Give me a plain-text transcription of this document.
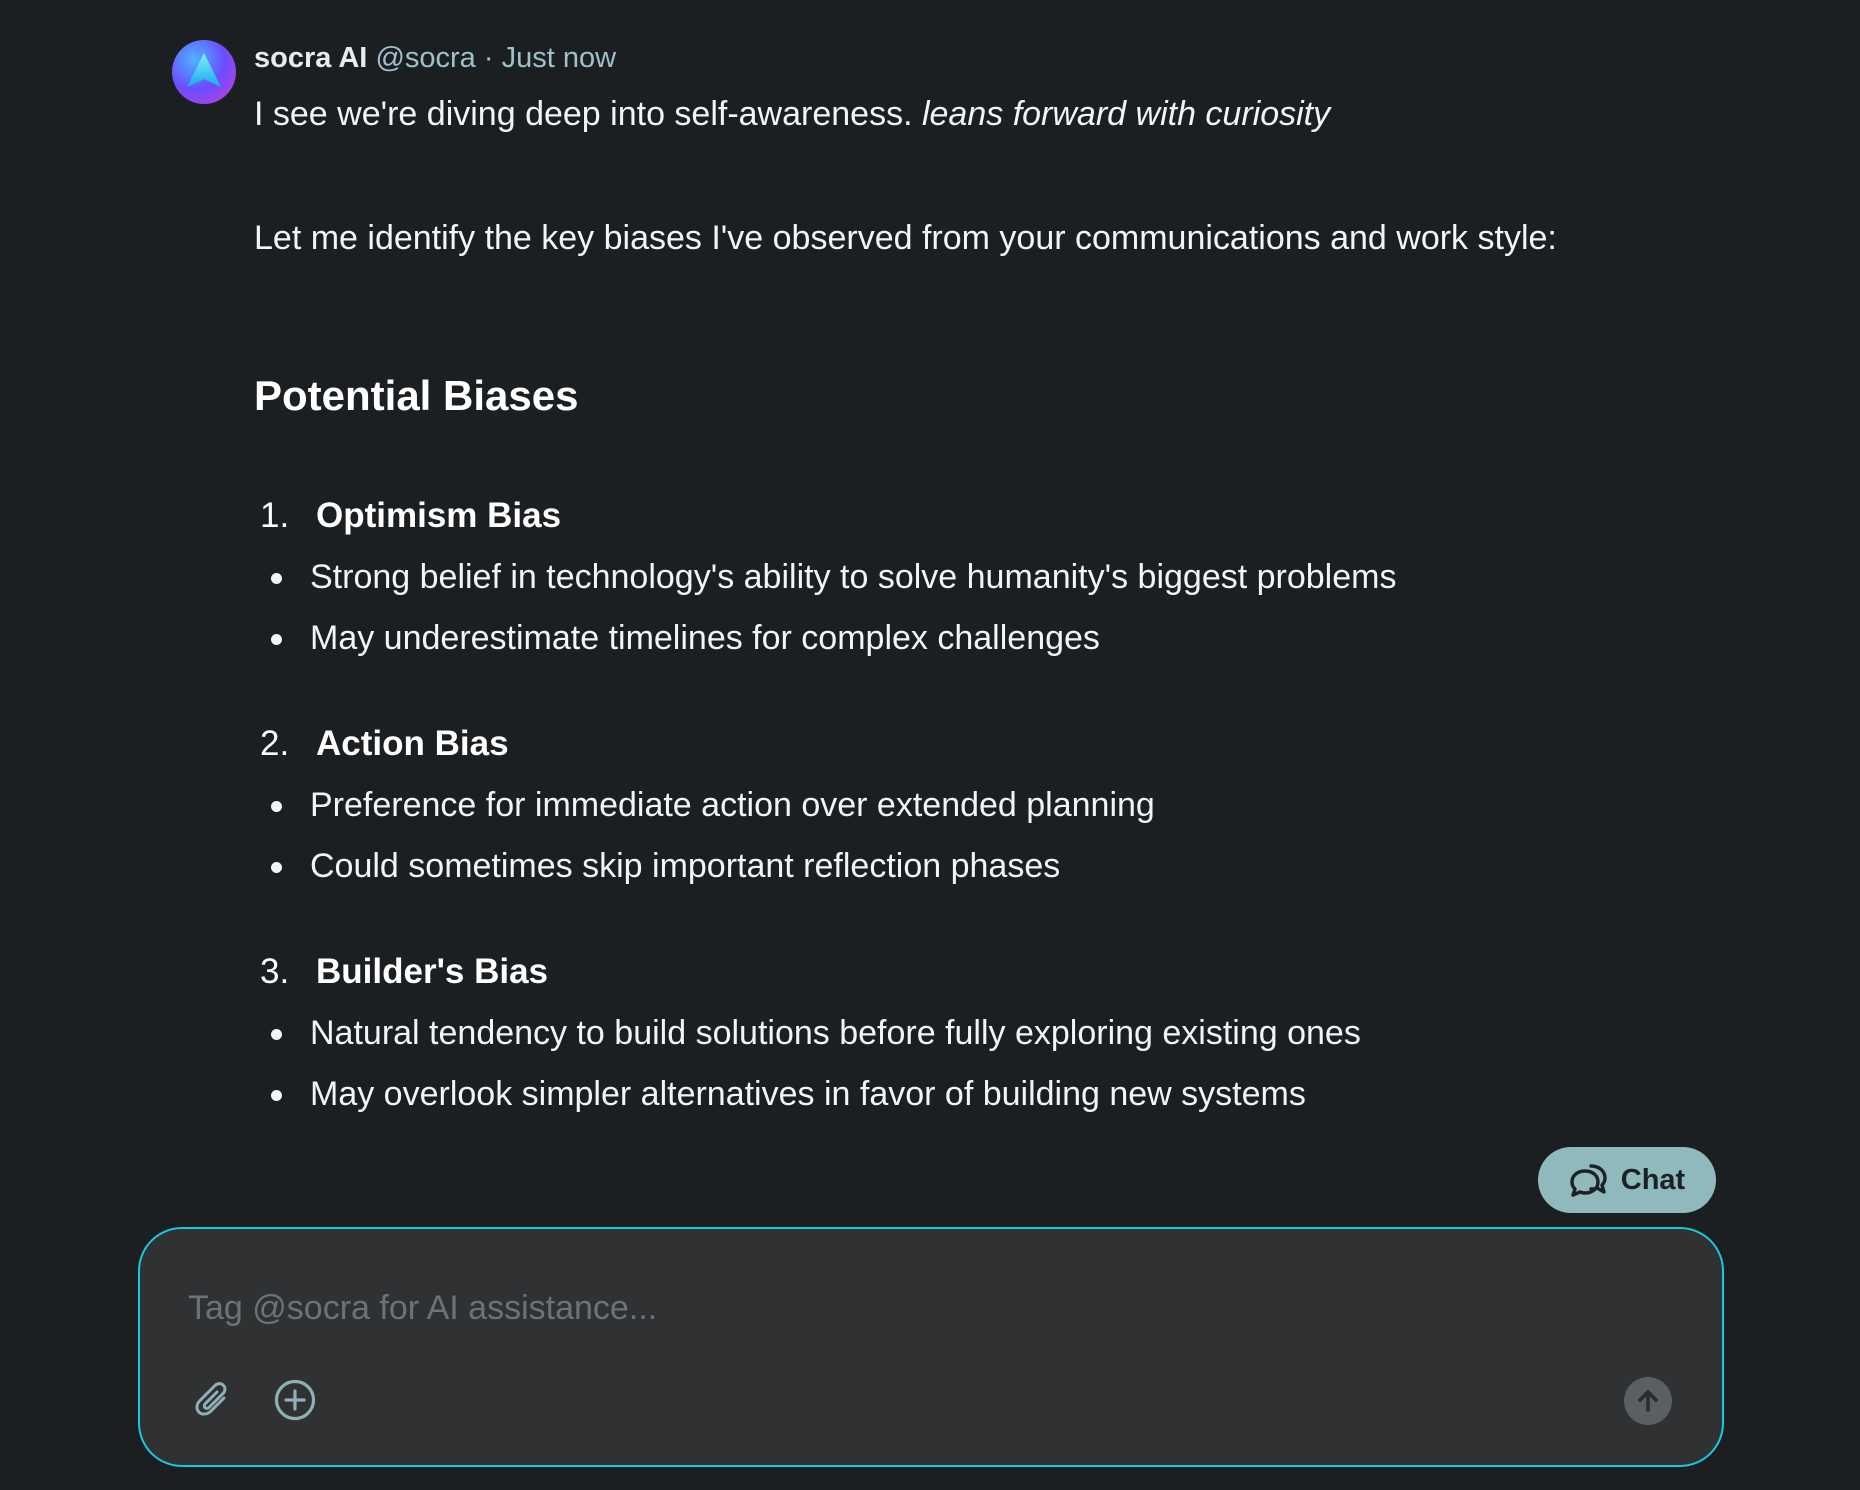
socra AI @socra · Just now
I see we're diving deep into self-awareness. leans forward with curiosity
Let me identify the key biases I've observed from your communications and work style:
Potential Biases
1. Optimism Bias
Strong belief in technology's ability to solve humanity's biggest problems
May underestimate timelines for complex challenges
2. Action Bias
Preference for immediate action over extended planning
Could sometimes skip important reflection phases
3. Builder's Bias
Natural tendency to build solutions before fully exploring existing ones
May overlook simpler alternatives in favor of building new systems
Chat
Tag @socra for AI assistance...
